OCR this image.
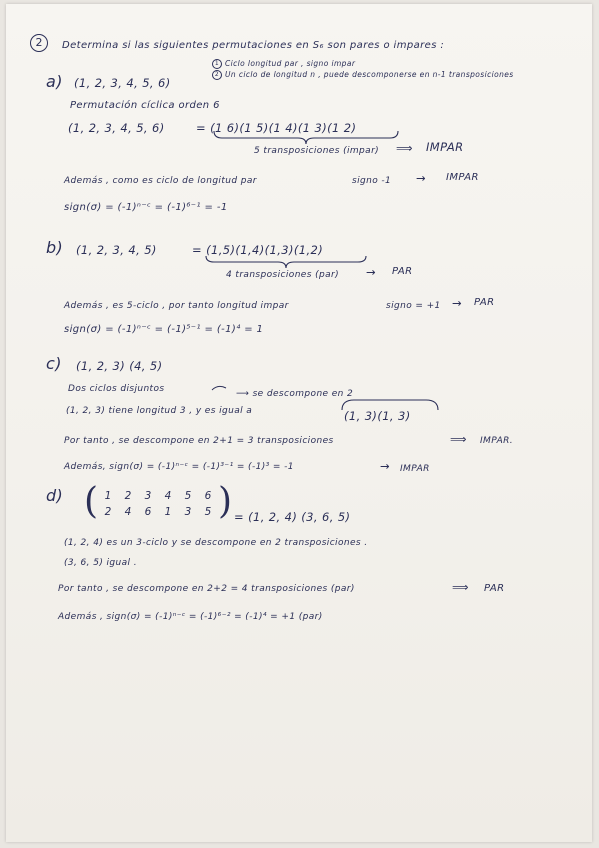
2	Determina si las siguientes permutaciones en S₆ son pares o impares :
1 Ciclo longitud par , signo impar
2 Un ciclo de longitud n , puede descomponerse en n-1 transposiciones
a) (1, 2, 3, 4, 5, 6)
Permutación cíclica orden 6
(1, 2, 3, 4, 5, 6)	= (1 6)(1 5)(1 4)(1 3)(1 2)
5 transposiciones (impar) ⟹ IMPAR
Además , como es ciclo de longitud par	signo -1 → IMPAR
sign(σ) = (-1)ⁿ⁻ᶜ = (-1)⁶⁻¹ = -1
b) (1, 2, 3, 4, 5)	= (1,5)(1,4)(1,3)(1,2)
4 transposiciones (par) → PAR
Además , es 5-ciclo , por tanto longitud impar	signo = +1 → PAR
sign(σ) = (-1)ⁿ⁻ᶜ = (-1)⁵⁻¹ = (-1)⁴ = 1
c) (1, 2, 3) (4, 5)
Dos ciclos disjuntos	⟶ se descompone en 2
(1, 2, 3) tiene longitud 3 , y es igual a	(1, 3)(1, 3)
Por tanto , se descompone en 2+1 = 3 transposiciones	⟹ IMPAR.
Además, sign(σ) = (-1)ⁿ⁻ᶜ = (-1)³⁻¹ = (-1)³ = -1	→ IMPAR
d) ( 1 2 3 4 5 6
2 4 6 1 3 5 ) = (1, 2, 4) (3, 6, 5)
(1, 2, 4) es un 3-ciclo y se descompone en 2 transposiciones .
(3, 6, 5) igual .
Por tanto , se descompone en 2+2 = 4 transposiciones (par)	⟹ PAR
Además , sign(σ) = (-1)ⁿ⁻ᶜ = (-1)⁶⁻² = (-1)⁴ = +1 (par)
